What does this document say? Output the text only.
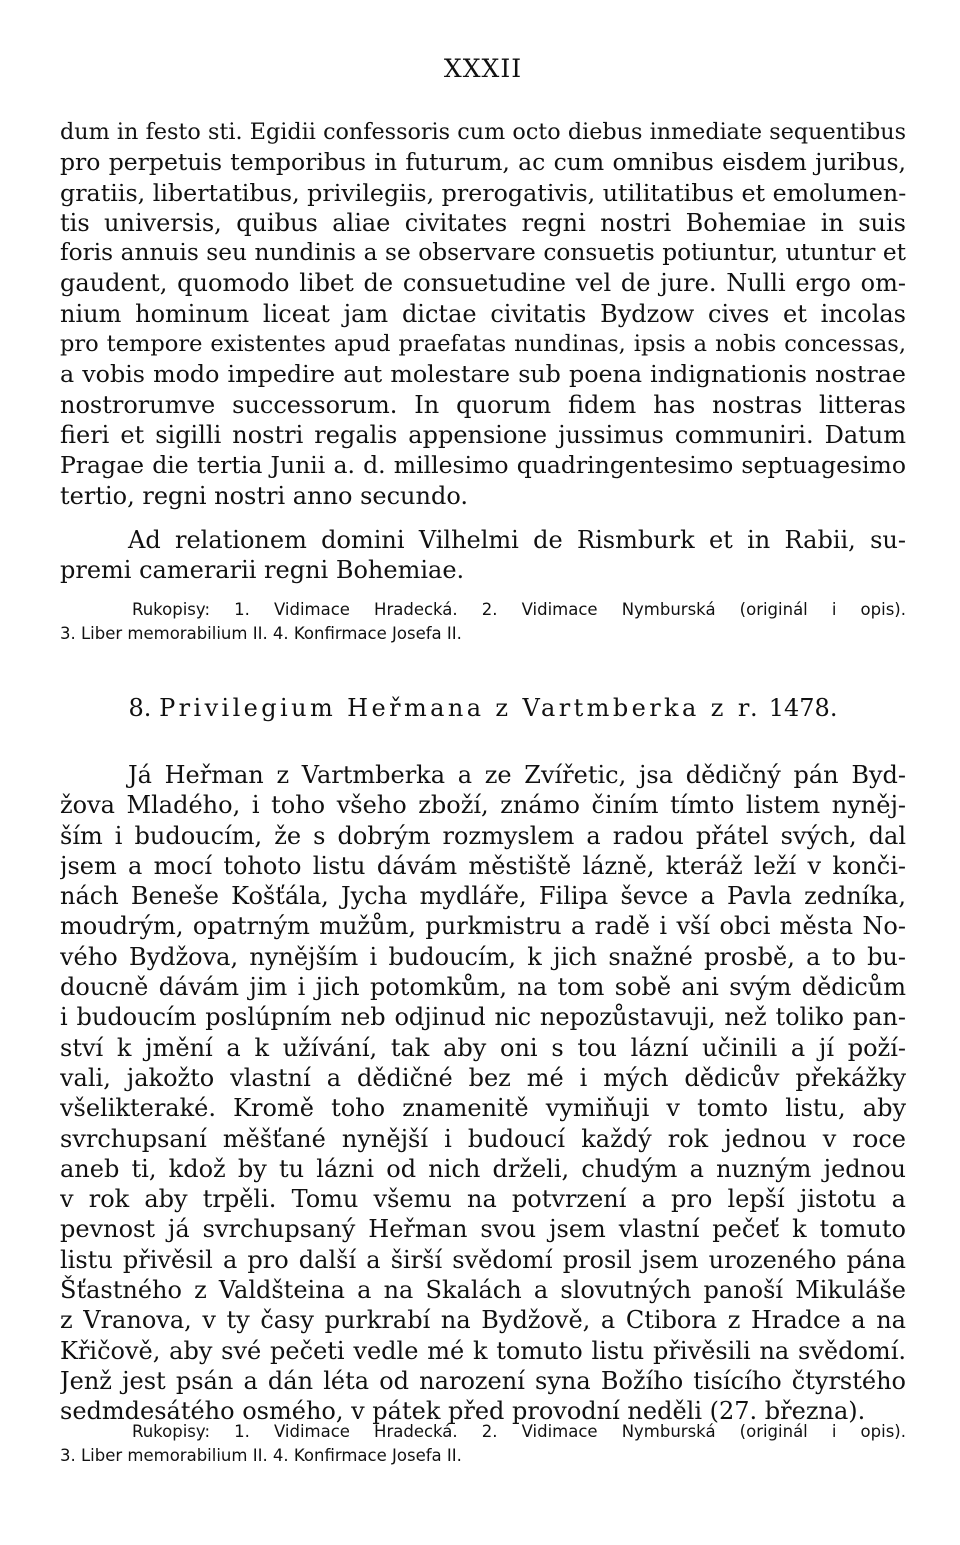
XXXII
dum in festo sti. Egidii confessoris cum octo diebus inmediate sequentibus
pro perpetuis temporibus in futurum, ac cum omnibus eisdem juribus,
gratiis, libertatibus, privilegiis, prerogativis, utilitatibus et emolumen-
tis universis, quibus aliae civitates regni nostri Bohemiae in suis
foris annuis seu nundinis a se observare consuetis potiuntur, utuntur et
gaudent, quomodo libet de consuetudine vel de jure. Nulli ergo om-
nium hominum liceat jam dictae civitatis Bydzow cives et incolas
pro tempore existentes apud praefatas nundinas, ipsis a nobis concessas,
a vobis modo impedire aut molestare sub poena indignationis nostrae
nostrorumve successorum. In quorum fidem has nostras litteras
fieri et sigilli nostri regalis appensione jussimus communiri. Datum
Pragae die tertia Junii a. d. millesimo quadringentesimo septuagesimo
tertio, regni nostri anno secundo.
Ad relationem domini Vilhelmi de Rismburk et in Rabii, su-
premi camerarii regni Bohemiae.
Rukopisy: 1. Vidimace Hradecká. 2. Vidimace Nymburská (originál i opis).
3. Liber memorabilium II. 4. Konfirmace Josefa II.
8. Privilegium Heřmana z Vartmberka z r. 1478.
Já Heřman z Vartmberka a ze Zvířetic, jsa dědičný pán Byd-
žova Mladého, i toho všeho zboží, známo činím tímto listem nyněj-
ším i budoucím, že s dobrým rozmyslem a radou přátel svých, dal
jsem a mocí tohoto listu dávám městiště lázně, kteráž leží v konči-
nách Beneše Košťála, Jycha mydláře, Filipa ševce a Pavla zedníka,
moudrým, opatrným mužům, purkmistru a radě i vší obci města No-
vého Bydžova, nynějším i budoucím, k jich snažné prosbě, a to bu-
doucně dávám jim i jich potomkům, na tom sobě ani svým dědicům
i budoucím poslúpním neb odjinud nic nepozůstavuji, než toliko pan-
ství k jmění a k užívání, tak aby oni s tou lázní učinili a jí poží-
vali, jakožto vlastní a dědičné bez mé i mých dědicův překážky
všelikteraké. Kromě toho znamenitě vymiňuji v tomto listu, aby
svrchupsaní měšťané nynější i budoucí každý rok jednou v roce
aneb ti, kdož by tu lázni od nich drželi, chudým a nuzným jednou
v rok aby trpěli. Tomu všemu na potvrzení a pro lepší jistotu a
pevnost já svrchupsaný Heřman svou jsem vlastní pečeť k tomuto
listu přivěsil a pro další a širší svědomí prosil jsem urozeného pána
Šťastného z Valdšteina a na Skalách a slovutných panoší Mikuláše
z Vranova, v ty časy purkrabí na Bydžově, a Ctibora z Hradce a na
Křičově, aby své pečeti vedle mé k tomuto listu přivěsili na svědomí.
Jenž jest psán a dán léta od narození syna Božího tisícího čtyrstého
sedmdesátého osmého, v pátek před provodní neděli (27. března).
Rukopisy: 1. Vidimace Hradecká. 2. Vidimace Nymburská (originál i opis).
3. Liber memorabilium II. 4. Konfirmace Josefa II.
